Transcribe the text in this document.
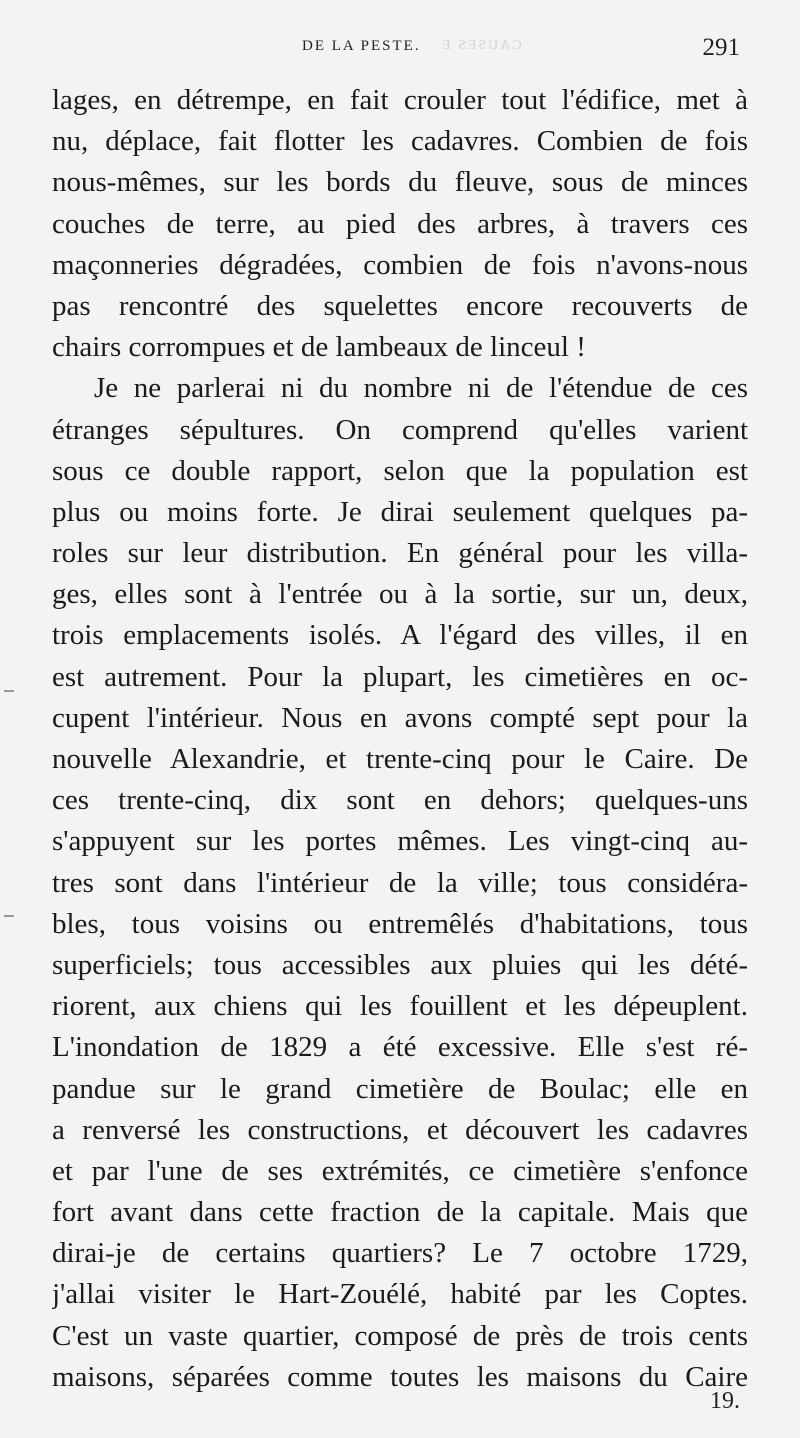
CAUSES E
DE LA PESTE.	291
lages, en détrempe, en fait crouler tout l'édifice, met à
nu, déplace, fait flotter les cadavres. Combien de fois
nous-mêmes, sur les bords du fleuve, sous de minces
couches de terre, au pied des arbres, à travers ces
maçonneries dégradées, combien de fois n'avons-nous
pas rencontré des squelettes encore recouverts de
chairs corrompues et de lambeaux de linceul !
Je ne parlerai ni du nombre ni de l'étendue de ces
étranges sépultures. On comprend qu'elles varient
sous ce double rapport, selon que la population est
plus ou moins forte. Je dirai seulement quelques pa-
roles sur leur distribution. En général pour les villa-
ges, elles sont à l'entrée ou à la sortie, sur un, deux,
trois emplacements isolés. A l'égard des villes, il en
est autrement. Pour la plupart, les cimetières en oc-
cupent l'intérieur. Nous en avons compté sept pour la
nouvelle Alexandrie, et trente-cinq pour le Caire. De
ces trente-cinq, dix sont en dehors; quelques-uns
s'appuyent sur les portes mêmes. Les vingt-cinq au-
tres sont dans l'intérieur de la ville; tous considéra-
bles, tous voisins ou entremêlés d'habitations, tous
superficiels; tous accessibles aux pluies qui les dété-
riorent, aux chiens qui les fouillent et les dépeuplent.
L'inondation de 1829 a été excessive. Elle s'est ré-
pandue sur le grand cimetière de Boulac; elle en
a renversé les constructions, et découvert les cadavres
et par l'une de ses extrémités, ce cimetière s'enfonce
fort avant dans cette fraction de la capitale. Mais que
dirai-je de certains quartiers? Le 7 octobre 1729,
j'allai visiter le Hart-Zouélé, habité par les Coptes.
C'est un vaste quartier, composé de près de trois cents
maisons, séparées comme toutes les maisons du Caire
19.
